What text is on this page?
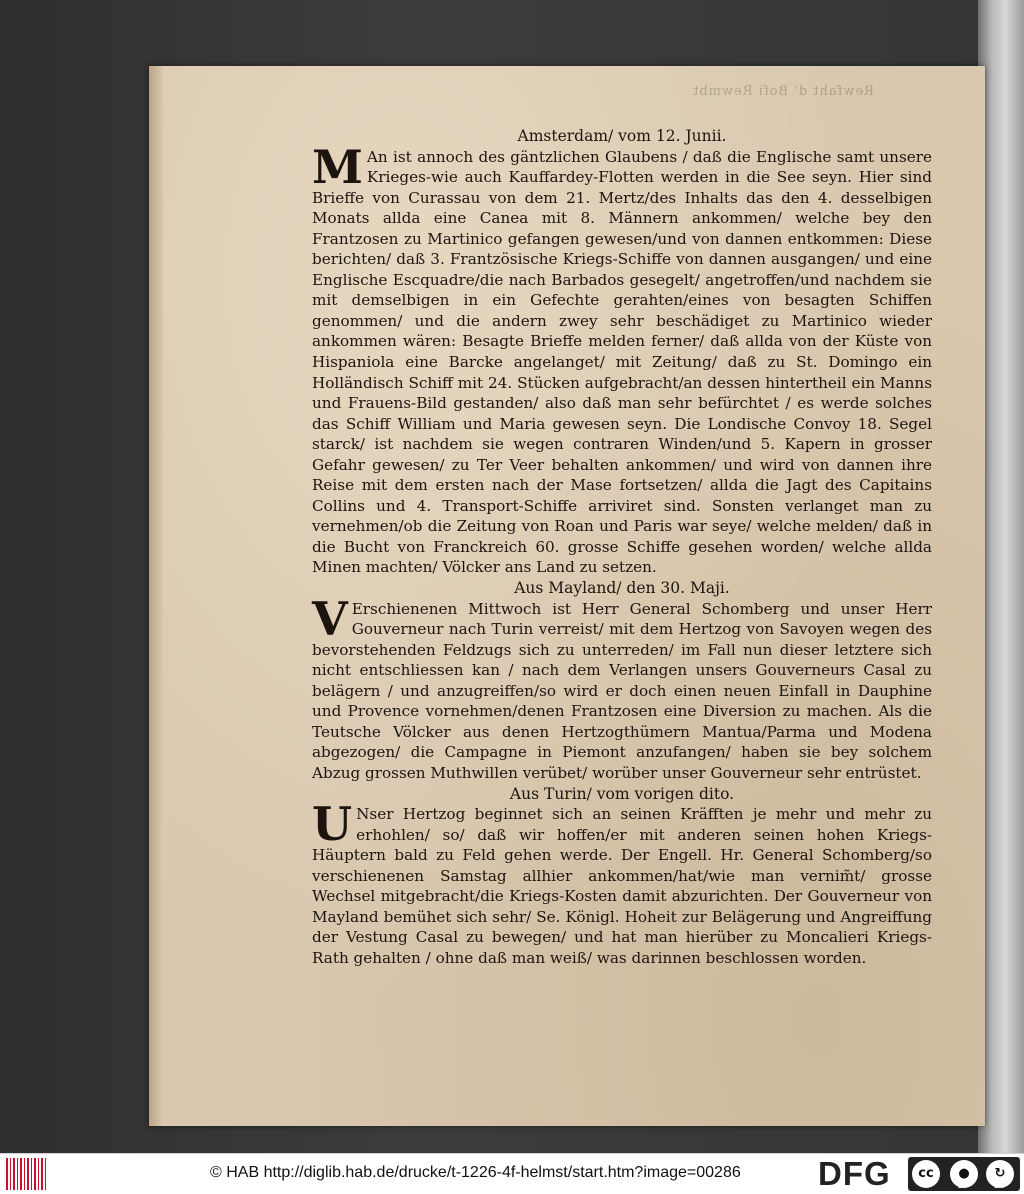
Rewfaht d' Bofi Rewmbt

Amsterdam/ vom 12. Junii.

M An ist annoch des gäntzlichen Glaubens / daß die Englische samt unsere Krieges-wie auch Kauffardey-Flotten werden in die See seyn. Hier sind Brieffe von Curassau von dem 21. Mertz/des Inhalts das den 4. desselbigen Monats allda eine Canea mit 8. Männern ankommen/ welche bey den Frantzosen zu Martinico gefangen gewesen/und von dannen entkommen: Diese berichten/ daß 3. Frantzösische Kriegs-Schiffe von dannen ausgangen/ und eine Englische Escquadre/die nach Barbados gesegelt/ angetroffen/und nachdem sie mit demselbigen in ein Gefechte gerahten/eines von besagten Schiffen genommen/ und die andern zwey sehr beschädiget zu Martinico wieder ankommen wären: Besagte Brieffe melden ferner/ daß allda von der Küste von Hispaniola eine Barcke angelanget/ mit Zeitung/ daß zu St. Domingo ein Holländisch Schiff mit 24. Stücken aufgebracht/an dessen hintertheil ein Manns und Frauens-Bild gestanden/ also daß man sehr befürchtet / es werde solches das Schiff William und Maria gewesen seyn. Die Londische Convoy 18. Segel starck/ ist nachdem sie wegen contraren Winden/und 5. Kapern in grosser Gefahr gewesen/ zu Ter Veer behalten ankommen/ und wird von dannen ihre Reise mit dem ersten nach der Mase fortsetzen/ allda die Jagt des Capitains Collins und 4. Transport-Schiffe arriviret sind. Sonsten verlanget man zu vernehmen/ob die Zeitung von Roan und Paris war seye/ welche melden/ daß in die Bucht von Franckreich 60. grosse Schiffe gesehen worden/ welche allda Minen machten/ Völcker ans Land zu setzen.

Aus Mayland/ den 30. Maji.

V Erschienenen Mittwoch ist Herr General Schomberg und unser Herr Gouverneur nach Turin verreist/ mit dem Hertzog von Savoyen wegen des bevorstehenden Feldzugs sich zu unterreden/ im Fall nun dieser letztere sich nicht entschliessen kan / nach dem Verlangen unsers Gouverneurs Casal zu belägern / und anzugreiffen/so wird er doch einen neuen Einfall in Dauphine und Provence vornehmen/denen Frantzosen eine Diversion zu machen. Als die Teutsche Völcker aus denen Hertzogthümern Mantua/Parma und Modena abgezogen/ die Campagne in Piemont anzufangen/ haben sie bey solchem Abzug grossen Muthwillen verübet/ worüber unser Gouverneur sehr entrüstet.

Aus Turin/ vom vorigen dito.

U Nser Hertzog beginnet sich an seinen Kräfften je mehr und mehr zu erhohlen/ so/ daß wir hoffen/er mit anderen seinen hohen Kriegs-Häuptern bald zu Feld gehen werde. Der Engell. Hr. General Schomberg/so verschienenen Samstag allhier ankommen/hat/wie man vernim̃t/ grosse Wechsel mitgebracht/die Kriegs-Kosten damit abzurichten. Der Gouverneur von Mayland bemühet sich sehr/ Se. Königl. Hoheit zur Belägerung und Angreiffung der Vestung Casal zu bewegen/ und hat man hierüber zu Moncalieri Kriegs-Rath gehalten / ohne daß man weiß/ was darinnen beschlossen worden.

© HAB http://diglib.hab.de/drucke/t-1226-4f-helmst/start.htm?image=00286 DFG	cc	●
BY
↻
SA
